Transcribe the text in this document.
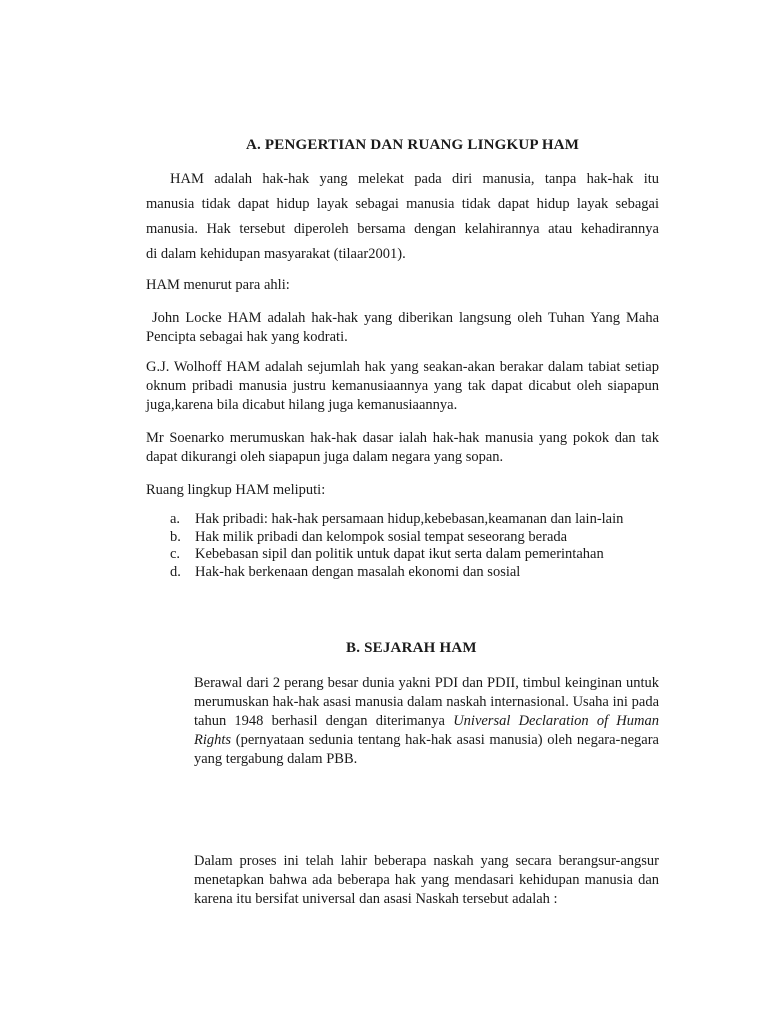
A. PENGERTIAN DAN RUANG LINGKUP HAM
HAM adalah hak-hak yang melekat pada diri manusia, tanpa hak-hak itu
manusia tidak dapat hidup layak sebagai manusia tidak dapat hidup layak sebagai
manusia. Hak tersebut diperoleh bersama dengan kelahirannya atau kehadirannya
di dalam kehidupan masyarakat (tilaar2001).
HAM menurut para ahli:
John Locke HAM adalah hak-hak yang diberikan langsung oleh Tuhan Yang Maha Pencipta sebagai hak yang kodrati.
G.J. Wolhoff HAM adalah sejumlah hak yang seakan-akan berakar dalam tabiat setiap oknum pribadi manusia justru kemanusiaannya yang tak dapat dicabut oleh siapapun juga,karena bila dicabut hilang juga kemanusiaannya.
Mr Soenarko merumuskan hak-hak dasar ialah hak-hak manusia yang pokok dan tak dapat dikurangi oleh siapapun juga dalam negara yang sopan.
Ruang lingkup HAM meliputi:
a. Hak pribadi: hak-hak persamaan hidup,kebebasan,keamanan dan lain-lain
b. Hak milik pribadi dan kelompok sosial tempat seseorang berada
c. Kebebasan sipil dan politik untuk dapat ikut serta dalam pemerintahan
d. Hak-hak berkenaan dengan masalah ekonomi dan sosial
B. SEJARAH HAM
Berawal dari 2 perang besar dunia yakni PDI dan PDII, timbul keinginan untuk merumuskan hak-hak asasi manusia dalam naskah internasional. Usaha ini pada tahun 1948 berhasil dengan diterimanya Universal Declaration of Human Rights (pernyataan sedunia tentang hak-hak asasi manusia) oleh negara-negara yang tergabung dalam PBB.
Dalam proses ini telah lahir beberapa naskah yang secara berangsur-angsur menetapkan bahwa ada beberapa hak yang mendasari kehidupan manusia dan karena itu bersifat universal dan asasi Naskah tersebut adalah :
